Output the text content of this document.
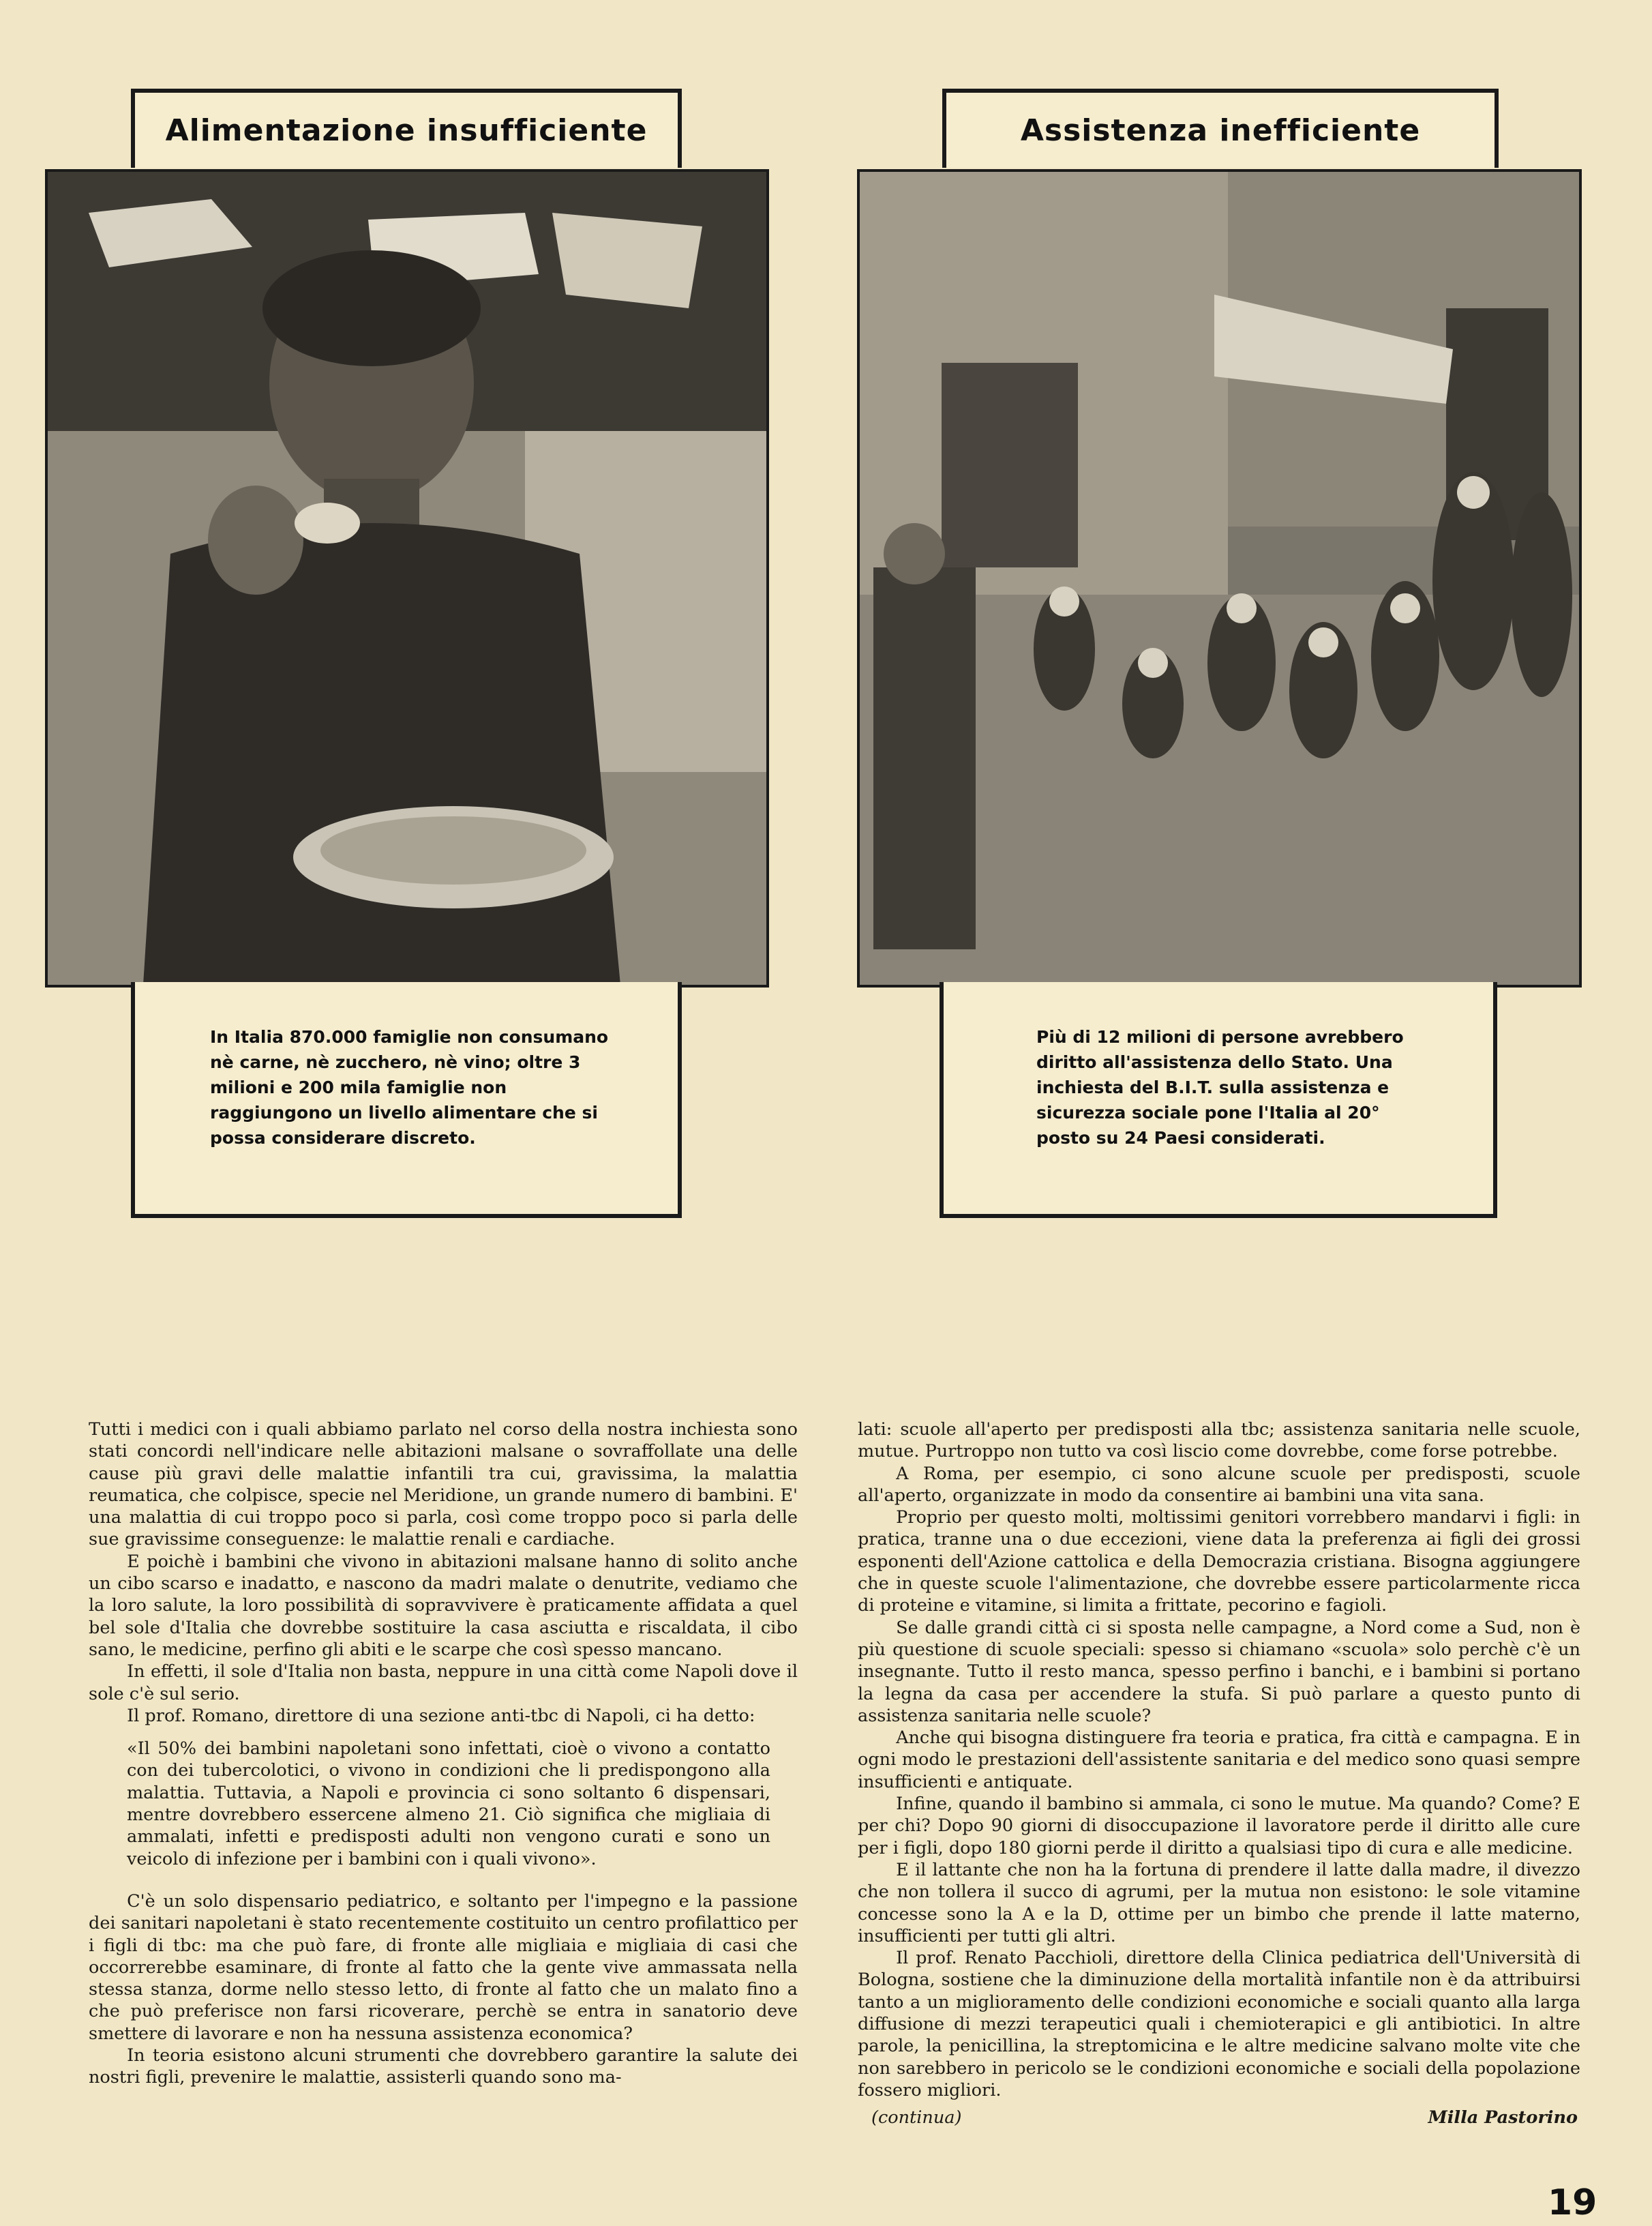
Alimentazione insufficiente	Assistenza inefficiente
In Italia 870.000 famiglie non consumano nè carne, nè zucchero, nè vino; oltre 3 milioni e 200 mila famiglie non raggiungono un livello alimentare che si possa considerare discreto.
Più di 12 milioni di persone avrebbero diritto all'assistenza dello Stato. Una inchiesta del B.I.T. sulla assistenza e sicurezza sociale pone l'Italia al 20° posto su 24 Paesi considerati.

Tutti i medici con i quali abbiamo parlato nel corso della nostra inchiesta sono stati concordi nell'indicare nelle abitazioni malsane o sovraffollate una delle cause più gravi delle malattie infantili tra cui, gravissima, la malattia reumatica, che colpisce, specie nel Meridione, un grande numero di bambini. E' una malattia di cui troppo poco si parla, così come troppo poco si parla delle sue gravissime conseguenze: le malattie renali e cardiache.

E poichè i bambini che vivono in abitazioni malsane hanno di solito anche un cibo scarso e inadatto, e nascono da madri malate o denutrite, vediamo che la loro salute, la loro possibilità di sopravvivere è praticamente affidata a quel bel sole d'Italia che dovrebbe sostituire la casa asciutta e riscaldata, il cibo sano, le medicine, perfino gli abiti e le scarpe che così spesso mancano.

In effetti, il sole d'Italia non basta, neppure in una città come Napoli dove il sole c'è sul serio.

Il prof. Romano, direttore di una sezione anti-tbc di Napoli, ci ha detto:

«Il 50% dei bambini napoletani sono infettati, cioè o vivono a contatto con dei tubercolotici, o vivono in condizioni che li predispongono alla malattia. Tuttavia, a Napoli e provincia ci sono soltanto 6 dispensari, mentre dovrebbero essercene almeno 21. Ciò significa che migliaia di ammalati, infetti e predisposti adulti non vengono curati e sono un veicolo di infezione per i bambini con i quali vivono».

C'è un solo dispensario pediatrico, e soltanto per l'impegno e la passione dei sanitari napoletani è stato recentemente costituito un centro profilattico per i figli di tbc: ma che può fare, di fronte alle migliaia e migliaia di casi che occorrerebbe esaminare, di fronte al fatto che la gente vive ammassata nella stessa stanza, dorme nello stesso letto, di fronte al fatto che un malato fino a che può preferisce non farsi ricoverare, perchè se entra in sanatorio deve smettere di lavorare e non ha nessuna assistenza economica?

In teoria esistono alcuni strumenti che dovrebbero garantire la salute dei nostri figli, prevenire le malattie, assisterli quando sono ma-

lati: scuole all'aperto per predisposti alla tbc; assistenza sanitaria nelle scuole, mutue. Purtroppo non tutto va così liscio come dovrebbe, come forse potrebbe.

A Roma, per esempio, ci sono alcune scuole per predisposti, scuole all'aperto, organizzate in modo da consentire ai bambini una vita sana.

Proprio per questo molti, moltissimi genitori vorrebbero mandarvi i figli: in pratica, tranne una o due eccezioni, viene data la preferenza ai figli dei grossi esponenti dell'Azione cattolica e della Democrazia cristiana. Bisogna aggiungere che in queste scuole l'alimentazione, che dovrebbe essere particolarmente ricca di proteine e vitamine, si limita a frittate, pecorino e fagioli.

Se dalle grandi città ci si sposta nelle campagne, a Nord come a Sud, non è più questione di scuole speciali: spesso si chiamano «scuola» solo perchè c'è un insegnante. Tutto il resto manca, spesso perfino i banchi, e i bambini si portano la legna da casa per accendere la stufa. Si può parlare a questo punto di assistenza sanitaria nelle scuole?

Anche qui bisogna distinguere fra teoria e pratica, fra città e campagna. E in ogni modo le prestazioni dell'assistente sanitaria e del medico sono quasi sempre insufficienti e antiquate.

Infine, quando il bambino si ammala, ci sono le mutue. Ma quando? Come? E per chi? Dopo 90 giorni di disoccupazione il lavoratore perde il diritto alle cure per i figli, dopo 180 giorni perde il diritto a qualsiasi tipo di cura e alle medicine.

E il lattante che non ha la fortuna di prendere il latte dalla madre, il divezzo che non tollera il succo di agrumi, per la mutua non esistono: le sole vitamine concesse sono la A e la D, ottime per un bimbo che prende il latte materno, insufficienti per tutti gli altri.

Il prof. Renato Pacchioli, direttore della Clinica pediatrica dell'Università di Bologna, sostiene che la diminuzione della mortalità infantile non è da attribuirsi tanto a un miglioramento delle condizioni economiche e sociali quanto alla larga diffusione di mezzi terapeutici quali i chemioterapici e gli antibiotici. In altre parole, la penicillina, la streptomicina e le altre medicine salvano molte vite che non sarebbero in pericolo se le condizioni economiche e sociali della popolazione fossero migliori.

(continua)	Milla Pastorino
19
